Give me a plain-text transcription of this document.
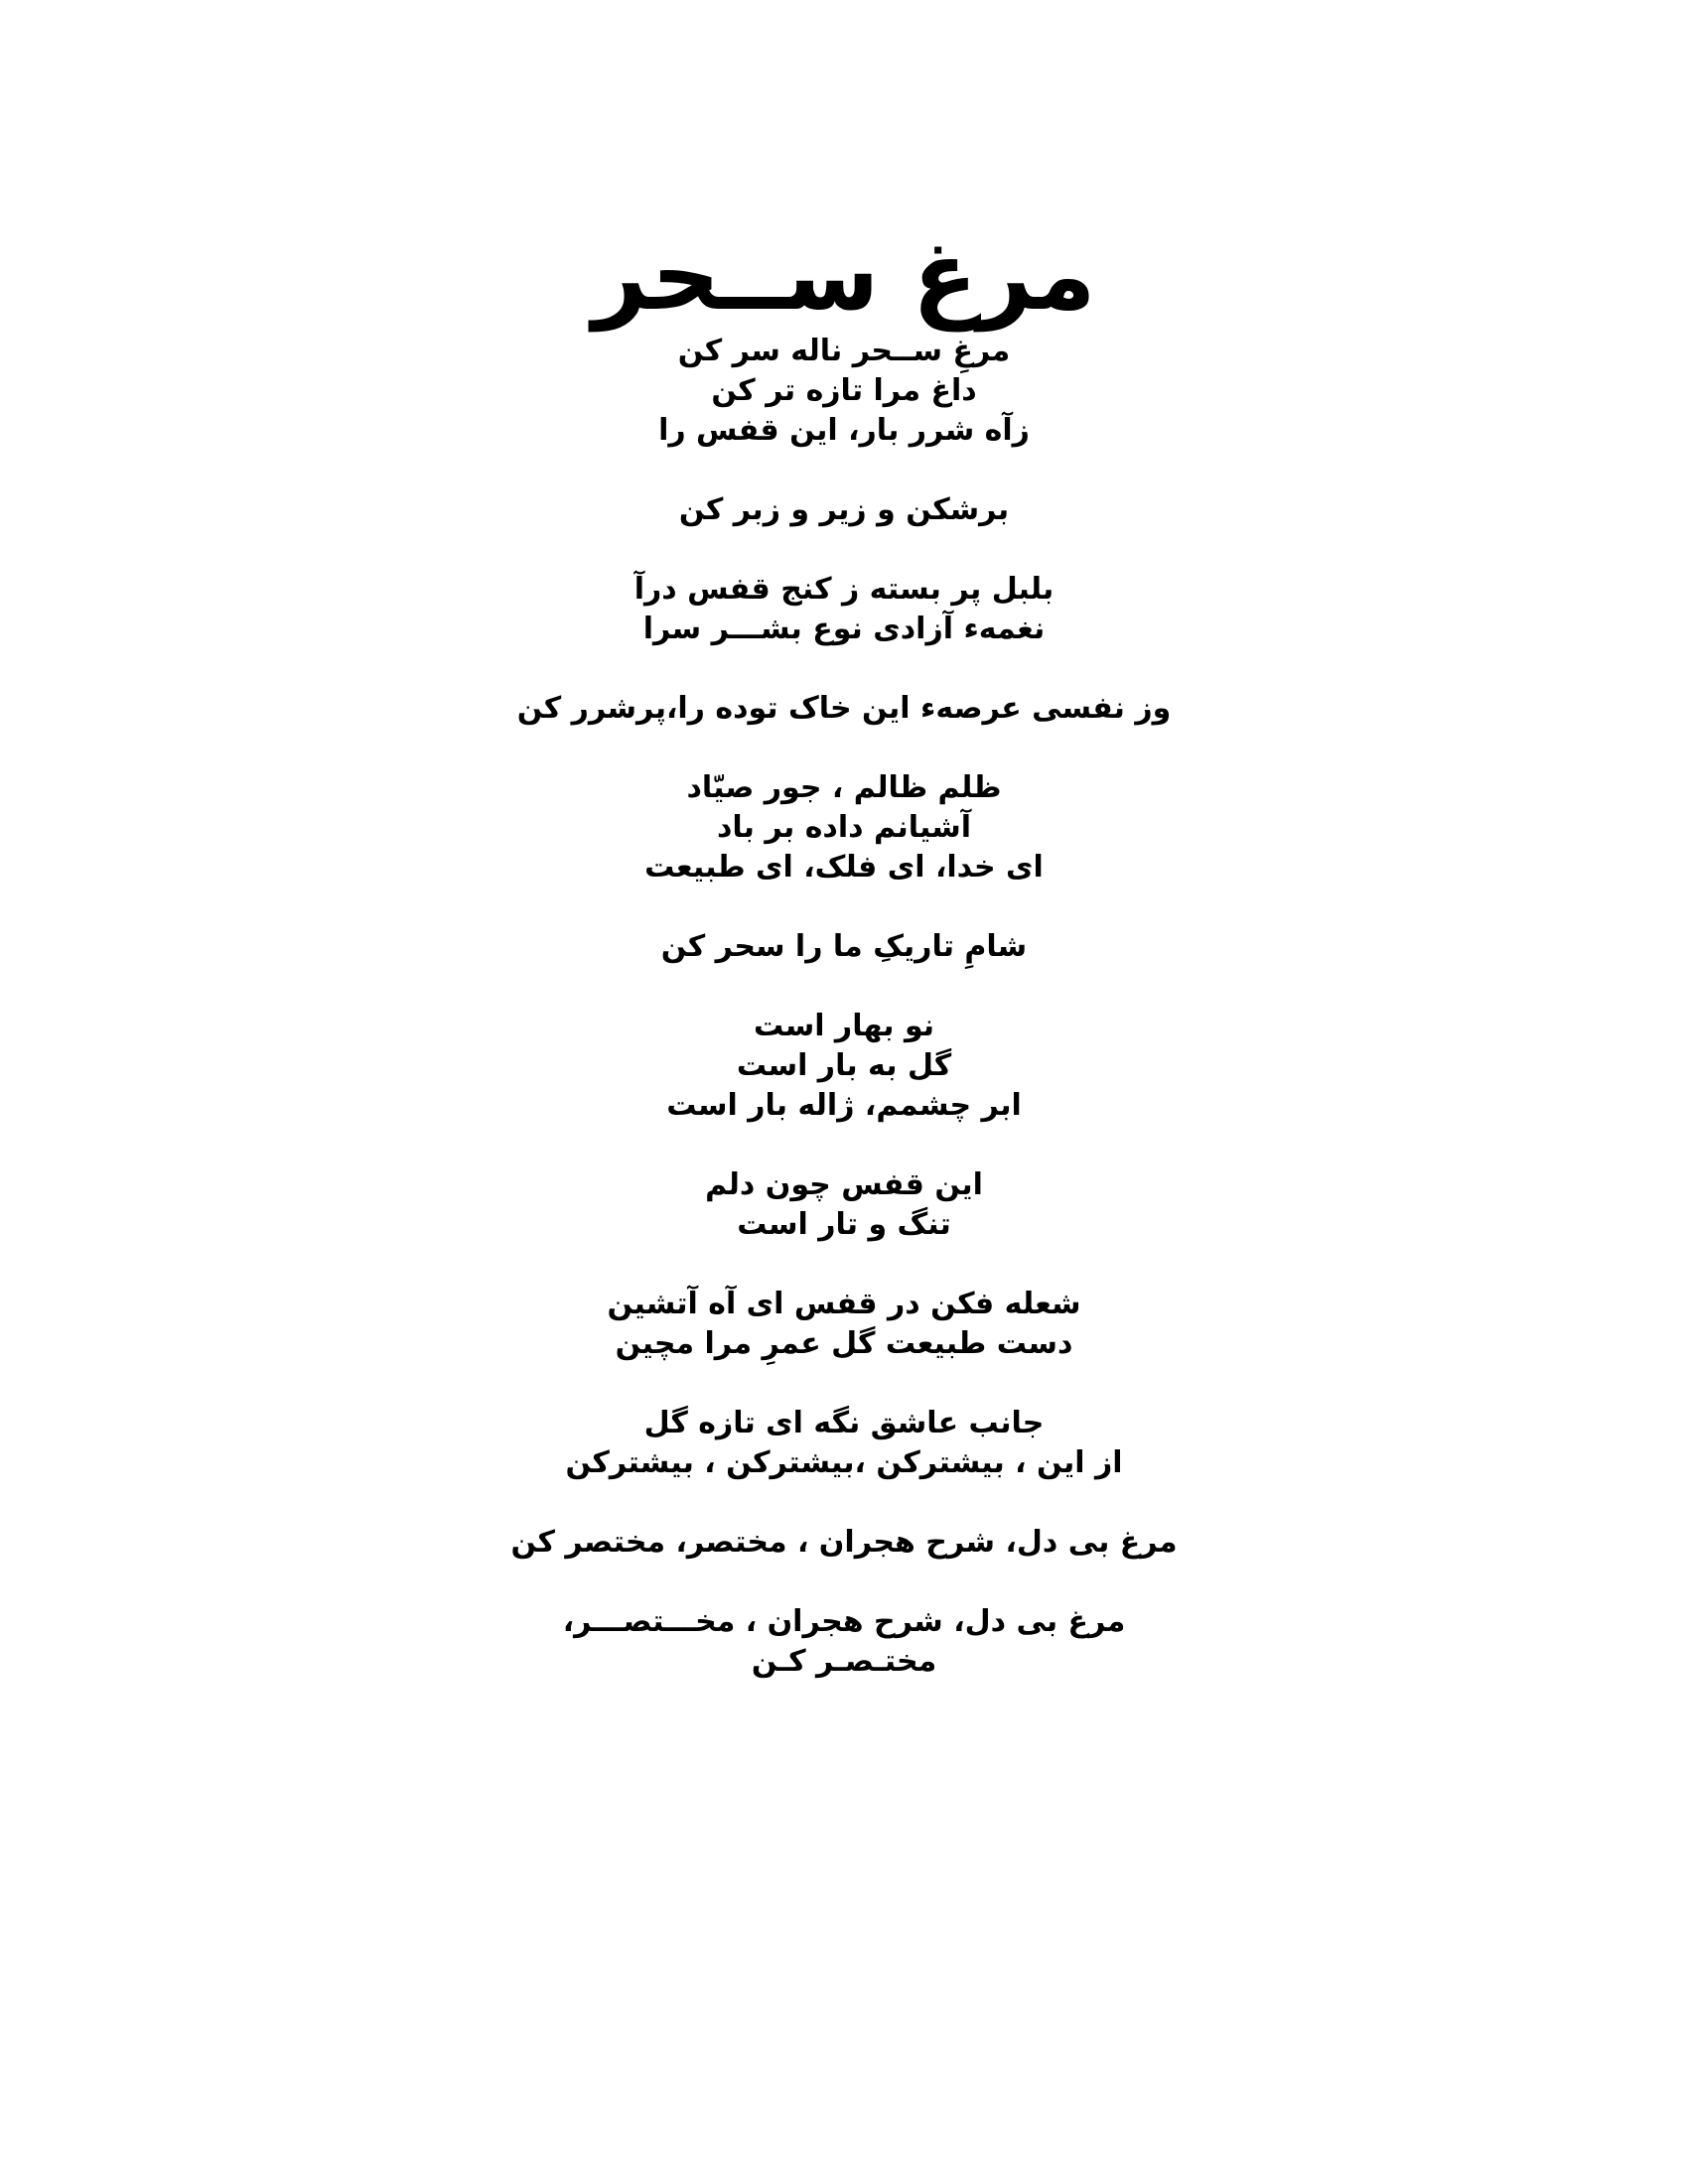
مرغ ســحر
مرغِ ســحر ناله سر کن
داغ مرا تازه تر کن
زآه شرر بار، این قفس را
برشکن و زیر و زبر کن
بلبل پر بسته ز کنج قفس درآ
نغمهء آزادی نوع بشـــر سرا
وز نفسی عرصهء این خاک توده را،پرشرر کن
ظلم ظالم ، جور صیّاد
آشیانم داده بر باد
ای خدا، ای فلک، ای طبیعت
شامِ تاریکِ ما را سحر کن
نو بهار است
گل به بار است
ابر چشمم، ژاله بار است
این قفس چون دلم
تنگ و تار است
شعله فکن در قفس ای آه آتشین
دست طبیعت گل عمرِ مرا مچین
جانب عاشق نگه ای تازه گل
از این ، بیشترکن ،بیشترکن ، بیشترکن
مرغ بی دل، شرح هجران ، مختصر، مختصر کن
مرغ بی دل، شرح هجران ، مخـــتصـــر،
مختـصـر کـن
